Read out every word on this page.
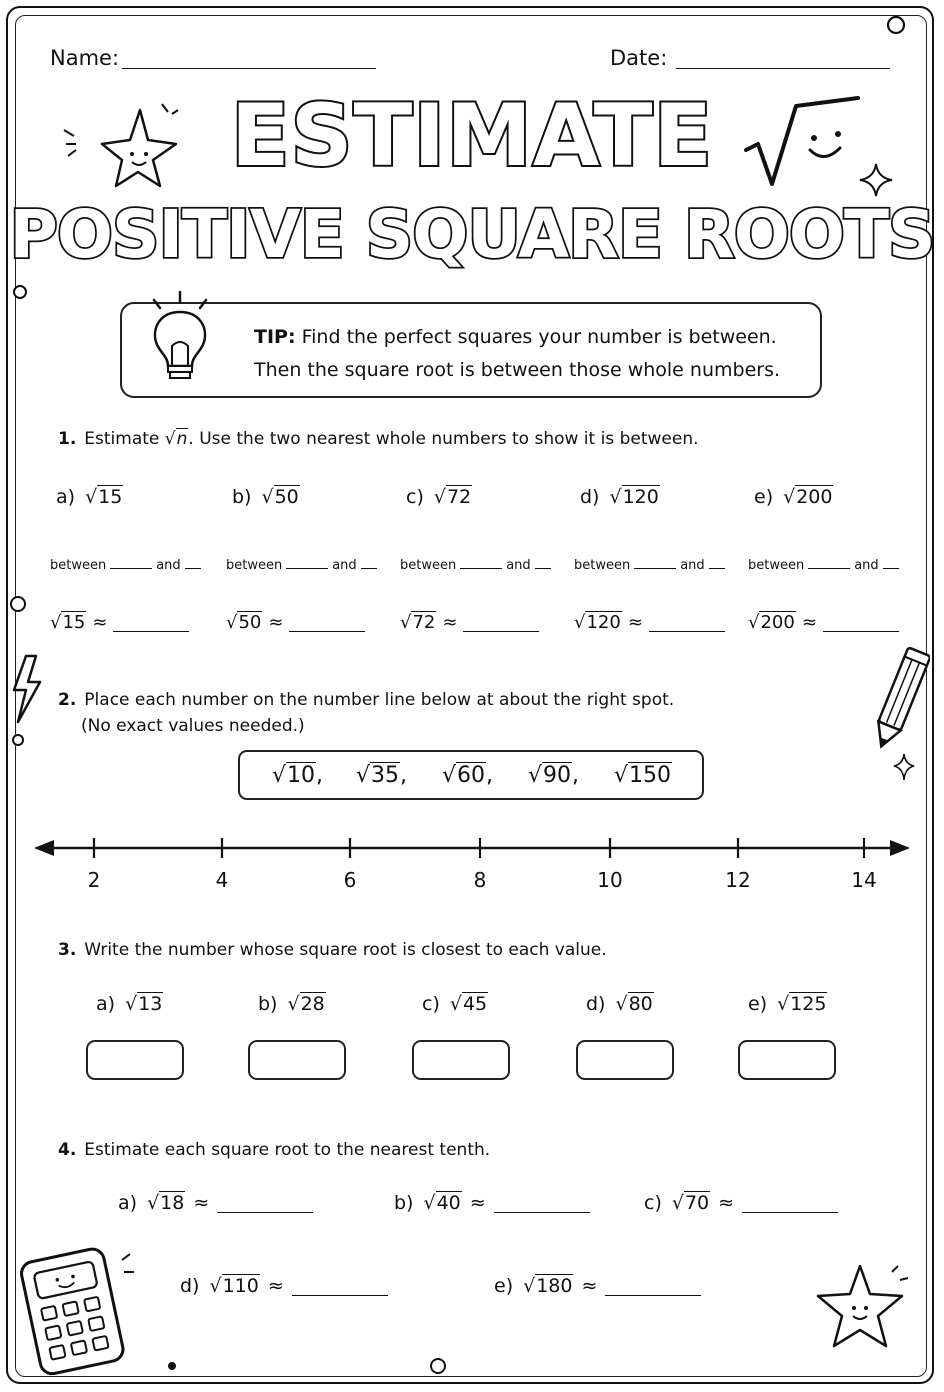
Name:	Date:
ESTIMATE
POSITIVE SQUARE ROOTS
TIP: Find the perfect squares your number is between.
Then the square root is between those whole numbers.
1. Estimate √n. Use the two nearest whole numbers to show it is between.
a) √15
between	and
√15 ≈
b) √50
between	and
√50 ≈
c) √72
between	and
√72 ≈
d) √120
between	and
√120 ≈
e) √200
between	and
√200 ≈
2. Place each number on the number line below at about the right spot.
(No exact values needed.)
√10, √35, √60, √90, √150
2	4	6	8	10	12	14
3. Write the number whose square root is closest to each value.
a) √13	b) √28	c) √45	d) √80	e) √125
4. Estimate each square root to the nearest tenth.
a) √18 ≈	b) √40 ≈	c) √70 ≈
d) √110 ≈	e) √180 ≈
